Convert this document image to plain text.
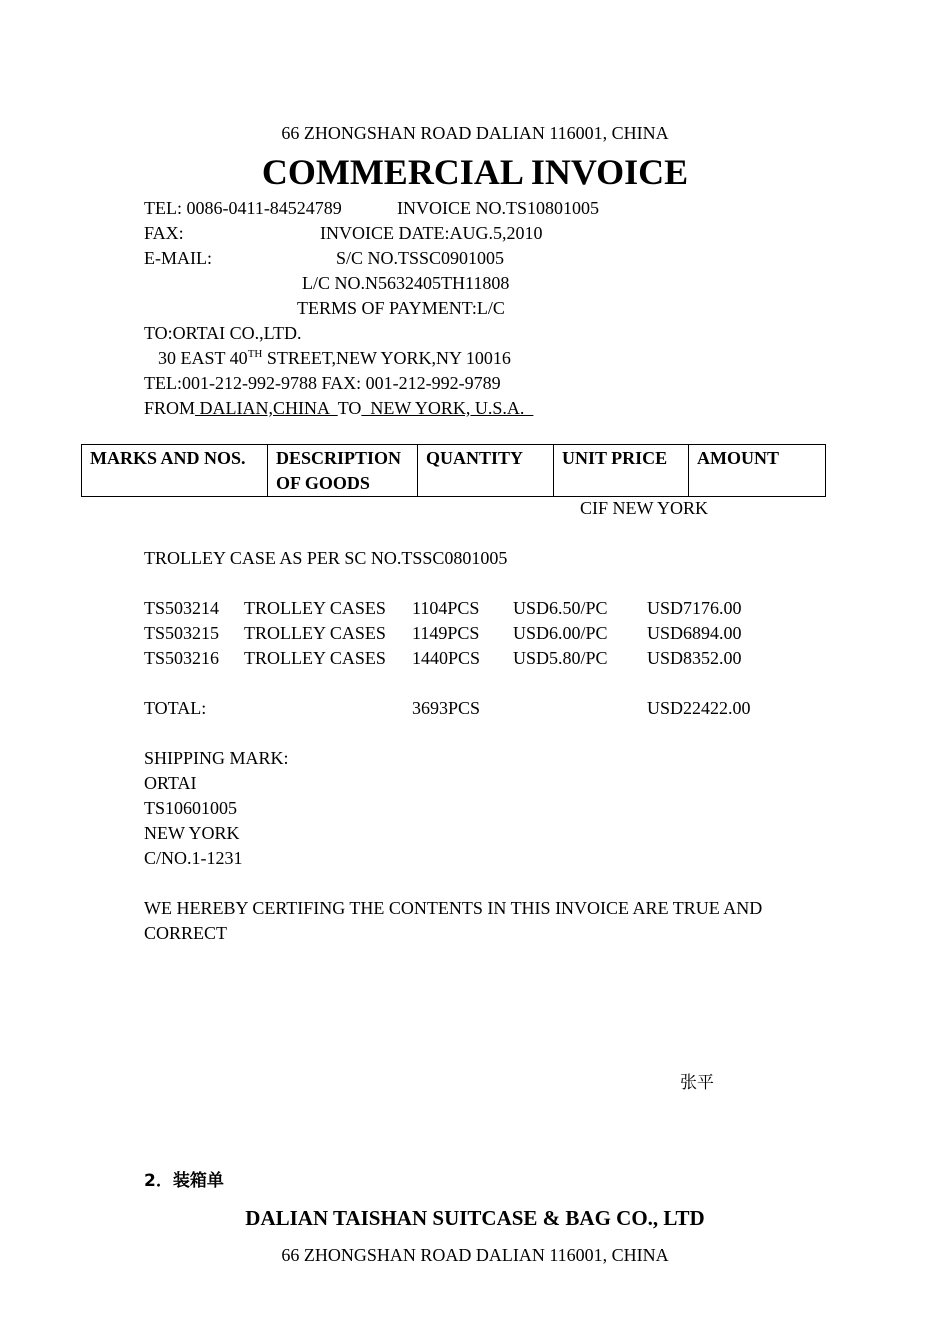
66 ZHONGSHAN ROAD DALIAN 116001, CHINA
COMMERCIAL INVOICE
TEL: 0086-0411-84524789	INVOICE NO.TS10801005
FAX:	INVOICE DATE:AUG.5,2010
E-MAIL:	S/C NO.TSSC0901005
L/C NO.N5632405TH11808
TERMS OF PAYMENT:L/C
TO:ORTAI CO.,LTD.
30 EAST 40TH STREET,NEW YORK,NY 10016
TEL:001-212-992-9788 FAX: 001-212-992-9789
FROM DALIAN,CHINA  TO  NEW YORK, U.S.A.
MARKS AND NOS.	DESCRIPTION OF GOODS	QUANTITY	UNIT PRICE	AMOUNT
CIF NEW YORK
TROLLEY CASE AS PER SC NO.TSSC0801005
TS503214 TROLLEY CASES 1104PCS USD6.50/PC USD7176.00
TS503215 TROLLEY CASES 1149PCS USD6.00/PC USD6894.00
TS503216 TROLLEY CASES 1440PCS USD5.80/PC USD8352.00
TOTAL:	3693PCS	USD22422.00
SHIPPING MARK:
ORTAI
TS10601005
NEW YORK
C/NO.1-1231
WE HEREBY CERTIFING THE CONTENTS IN THIS INVOICE ARE TRUE AND
CORRECT
张平
2．装箱单
DALIAN TAISHAN SUITCASE & BAG CO., LTD
66 ZHONGSHAN ROAD DALIAN 116001, CHINA
